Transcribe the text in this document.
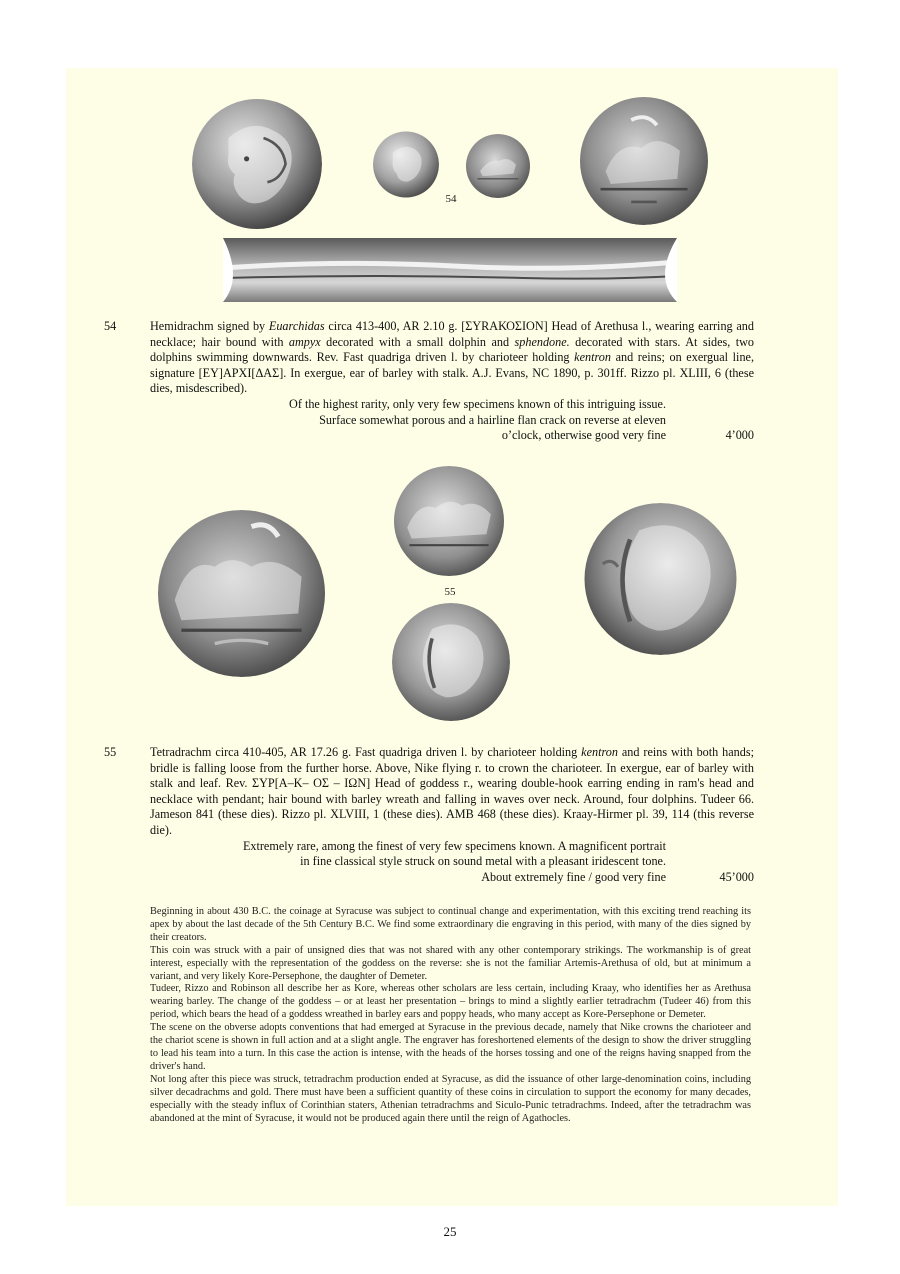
54
54	Hemidrachm signed by Euarchidas circa 413-400, AR 2.10 g. [ΣΥRΑΚΟΣΙΟΝ] Head of Arethusa l., wearing earring and necklace; hair bound with ampyx decorated with a small dolphin and sphendone. decorated with stars. At sides, two dolphins swimming downwards. Rev. Fast quadriga driven l. by charioteer holding kentron and reins; on exergual line, signature [ΕΥ]ΑΡΧΙ[ΔΑΣ]. In exergue, ear of barley with stalk. A.J. Evans, NC 1890, p. 301ff. Rizzo pl. XLIII, 6 (these dies, misdescribed).
Of the highest rarity, only very few specimens known of this intriguing issue.
Surface somewhat porous and a hairline flan crack on reverse at eleven
o’clock, otherwise good very fine	4’000
55
55	Tetradrachm circa 410-405, AR 17.26 g. Fast quadriga driven l. by charioteer holding kentron and reins with both hands; bridle is falling loose from the further horse. Above, Nike flying r. to crown the charioteer. In exergue, ear of barley with stalk and leaf. Rev. ΣΥΡ[Α–Κ– ΟΣ – ΙΩΝ] Head of goddess r., wearing double-hook earring ending in ram's head and necklace with pendant; hair bound with barley wreath and falling in waves over neck. Around, four dolphins. Tudeer 66. Jameson 841 (these dies). Rizzo pl. XLVIII, 1 (these dies). AMB 468 (these dies). Kraay-Hirmer pl. 39, 114 (this reverse die).
Extremely rare, among the finest of very few specimens known. A magnificent portrait
in fine classical style struck on sound metal with a pleasant iridescent tone.
About extremely fine / good very fine	45’000

Beginning in about 430 B.C. the coinage at Syracuse was subject to continual change and experimentation, with this exciting trend reaching its apex by about the last decade of the 5th Century B.C. We find some extraordinary die engraving in this period, with many of the dies signed by their creators.

This coin was struck with a pair of unsigned dies that was not shared with any other contemporary strikings. The workmanship is of great interest, especially with the representation of the goddess on the reverse: she is not the familiar Artemis-Arethusa of old, but at minimum a variant, and very likely Kore-Persephone, the daughter of Demeter.

Tudeer, Rizzo and Robinson all describe her as Kore, whereas other scholars are less certain, including Kraay, who identifies her as Arethusa wearing barley. The change of the goddess – or at least her presentation – brings to mind a slightly earlier tetradrachm (Tudeer 46) from this period, which bears the head of a goddess wreathed in barley ears and poppy heads, who many accept as Kore-Persephone or Demeter.

The scene on the obverse adopts conventions that had emerged at Syracuse in the previous decade, namely that Nike crowns the charioteer and the chariot scene is shown in full action and at a slight angle. The engraver has foreshortened elements of the design to show the driver struggling to lead his team into a turn. In this case the action is intense, with the heads of the horses tossing and one of the reigns having snapped from the driver's hand.

Not long after this piece was struck, tetradrachm production ended at Syracuse, as did the issuance of other large-denomination coins, including silver decadrachms and gold. There must have been a sufficient quantity of these coins in circulation to support the economy for many decades, especially with the steady influx of Corinthian staters, Athenian tetradrachms and Siculo-Punic tetradrachms. Indeed, after the tetradrachm was abandoned at the mint of Syracuse, it would not be produced again there until the reign of Agathocles.

25
